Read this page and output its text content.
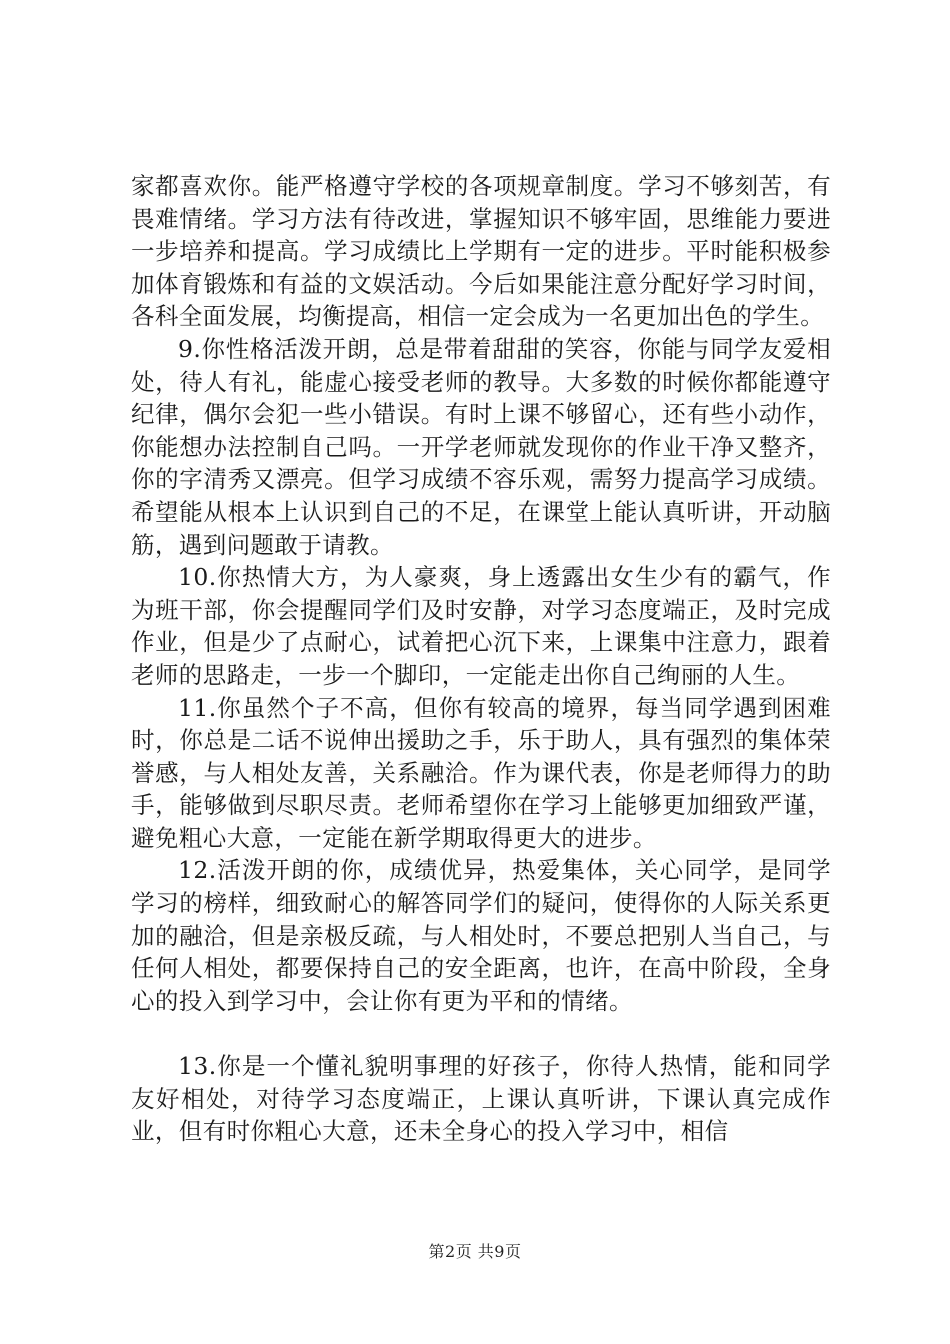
家都喜欢你。能严格遵守学校的各项规章制度。学习不够刻苦，有畏难情绪。学习方法有待改进，掌握知识不够牢固，思维能力要进一步培养和提高。学习成绩比上学期有一定的进步。平时能积极参加体育锻炼和有益的文娱活动。今后如果能注意分配好学习时间，各科全面发展，均衡提高，相信一定会成为一名更加出色的学生。

9.你性格活泼开朗，总是带着甜甜的笑容，你能与同学友爱相处，待人有礼，能虚心接受老师的教导。大多数的时候你都能遵守纪律，偶尔会犯一些小错误。有时上课不够留心，还有些小动作，你能想办法控制自己吗。一开学老师就发现你的作业干净又整齐，你的字清秀又漂亮。但学习成绩不容乐观，需努力提高学习成绩。希望能从根本上认识到自己的不足，在课堂上能认真听讲，开动脑筋，遇到问题敢于请教。

10.你热情大方，为人豪爽，身上透露出女生少有的霸气，作为班干部，你会提醒同学们及时安静，对学习态度端正，及时完成作业，但是少了点耐心，试着把心沉下来，上课集中注意力，跟着老师的思路走，一步一个脚印，一定能走出你自己绚丽的人生。

11.你虽然个子不高，但你有较高的境界，每当同学遇到困难时，你总是二话不说伸出援助之手，乐于助人，具有强烈的集体荣誉感，与人相处友善，关系融洽。作为课代表，你是老师得力的助手，能够做到尽职尽责。老师希望你在学习上能够更加细致严谨，避免粗心大意，一定能在新学期取得更大的进步。

12.活泼开朗的你，成绩优异，热爱集体，关心同学，是同学学习的榜样，细致耐心的解答同学们的疑问，使得你的人际关系更加的融洽，但是亲极反疏，与人相处时，不要总把别人当自己，与任何人相处，都要保持自己的安全距离，也许，在高中阶段，全身心的投入到学习中，会让你有更为平和的情绪。

13.你是一个懂礼貌明事理的好孩子，你待人热情，能和同学友好相处，对待学习态度端正，上课认真听讲，下课认真完成作业，但有时你粗心大意，还未全身心的投入学习中，相信

第2页 共9页
